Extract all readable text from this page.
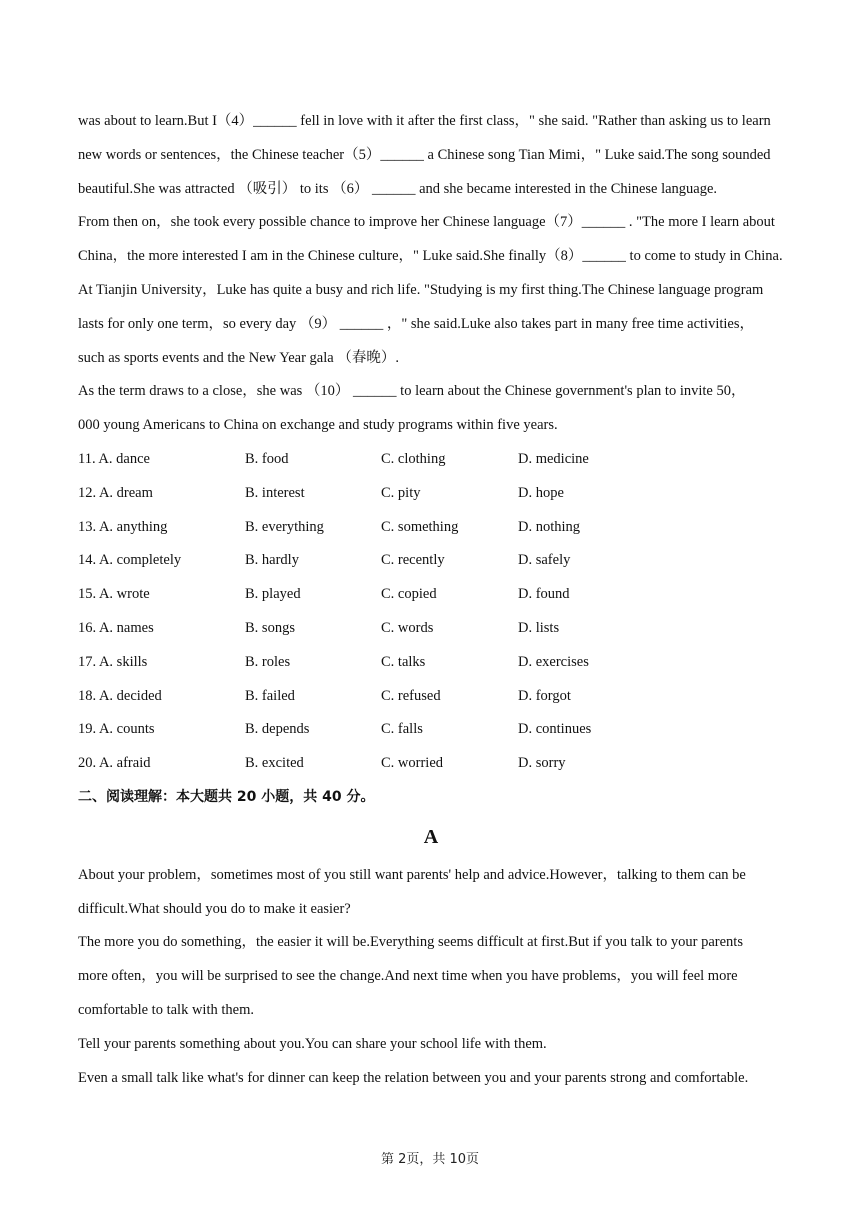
was about to learn.But I（4）______ fell in love with it after the first class，" she said. "Rather than asking us to learn

new words or sentences，the Chinese teacher（5）______ a Chinese song Tian Mimi，" Luke said.The song sounded

beautiful.She was attracted （吸引） to its （6） ______ and she became interested in the Chinese language.

From then on，she took every possible chance to improve her Chinese language（7）______ . "The more I learn about

China，the more interested I am in the Chinese culture，" Luke said.She finally（8）______ to come to study in China.

At Tianjin University，Luke has quite a busy and rich life. "Studying is my first thing.The Chinese language program

lasts for only one term，so every day （9） ______ ，" she said.Luke also takes part in many free time activities，

such as sports events and the New Year gala （春晚）.

As the term draws to a close，she was （10） ______ to learn about the Chinese government's plan to invite 50，

000 young Americans to China on exchange and study programs within five years.

11. A. dance	B. food	C. clothing	D. medicine
12. A. dream	B. interest	C. pity	D. hope
13. A. anything	B. everything	C. something	D. nothing
14. A. completely	B. hardly	C. recently	D. safely
15. A. wrote	B. played	C. copied	D. found
16. A. names	B. songs	C. words	D. lists
17. A. skills	B. roles	C. talks	D. exercises
18. A. decided	B. failed	C. refused	D. forgot
19. A. counts	B. depends	C. falls	D. continues
20. A. afraid	B. excited	C. worried	D. sorry

二、阅读理解：本大题共 20 小题，共 40 分。

A

About your problem，sometimes most of you still want parents' help and advice.However，talking to them can be

difficult.What should you do to make it easier?

The more you do something，the easier it will be.Everything seems difficult at first.But if you talk to your parents

more often，you will be surprised to see the change.And next time when you have problems，you will feel more

comfortable to talk with them.

Tell your parents something about you.You can share your school life with them.

Even a small talk like what's for dinner can keep the relation between you and your parents strong and comfortable.

第 2页，共 10页
